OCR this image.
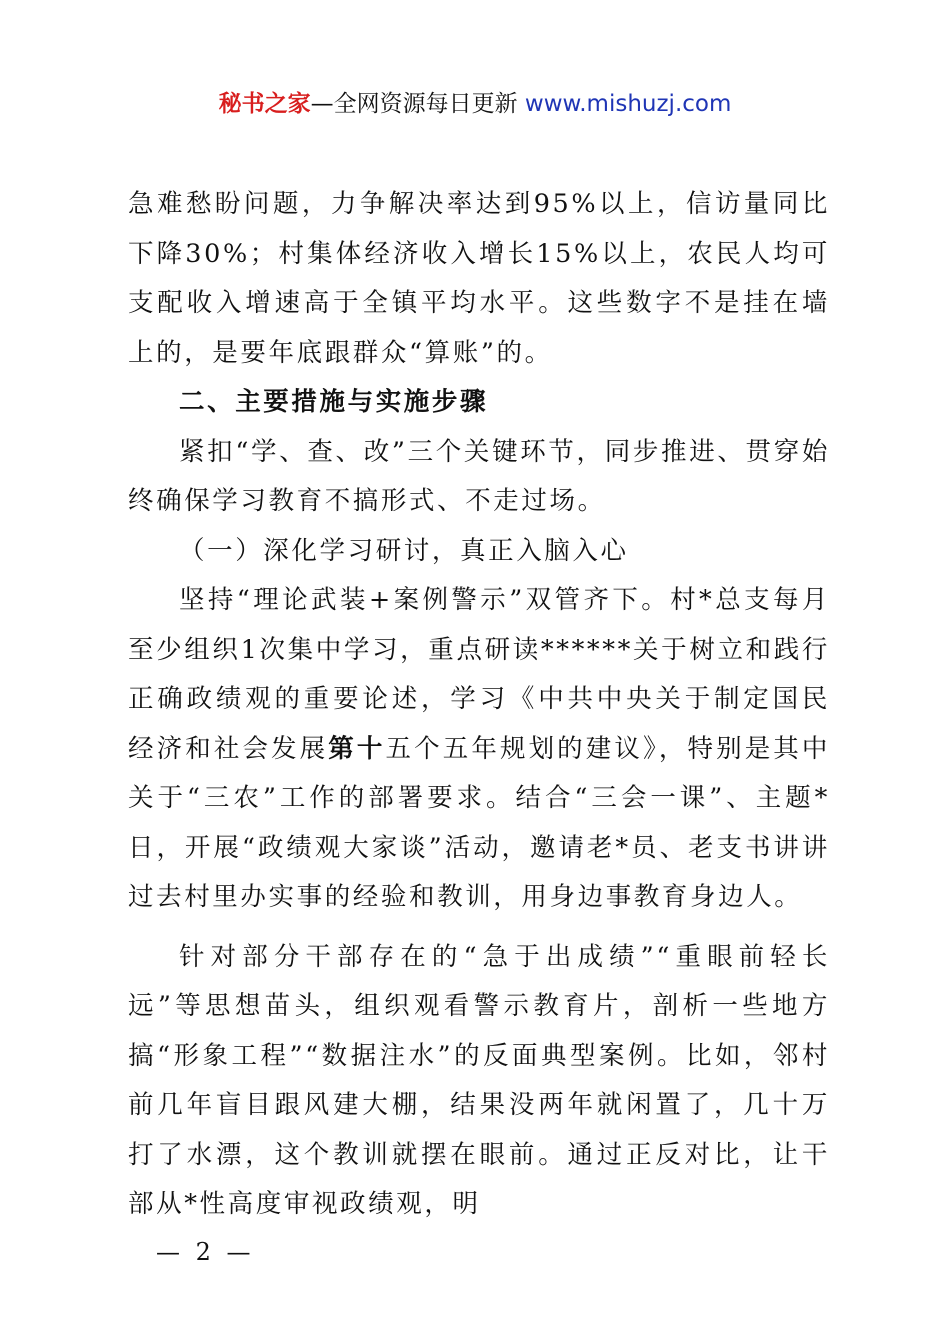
秘书之家—全网资源每日更新 www.mishuzj.com

急难愁盼问题，力争解决率达到95%以上，信访量同比下降30%；村集体经济收入增长15%以上，农民人均可支配收入增速高于全镇平均水平。这些数字不是挂在墙上的，是要年底跟群众“算账”的。

二、主要措施与实施步骤

紧扣“学、查、改”三个关键环节，同步推进、贯穿始终确保学习教育不搞形式、不走过场。

（一）深化学习研讨，真正入脑入心

坚持“理论武装+案例警示”双管齐下。村*总支每月至少组织1次集中学习，重点研读******关于树立和践行正确政绩观的重要论述，学习《中共中央关于制定国民经济和社会发展第十五个五年规划的建议》，特别是其中关于“三农”工作的部署要求。结合“三会一课”、主题*日，开展“政绩观大家谈”活动，邀请老*员、老支书讲讲过去村里办实事的经验和教训，用身边事教育身边人。

针对部分干部存在的“急于出成绩”“重眼前轻长远”等思想苗头，组织观看警示教育片，剖析一些地方搞“形象工程”“数据注水”的反面典型案例。比如，邻村前几年盲目跟风建大棚，结果没两年就闲置了，几十万打了水漂，这个教训就摆在眼前。通过正反对比，让干部从*性高度审视政绩观，明

— 2 —
